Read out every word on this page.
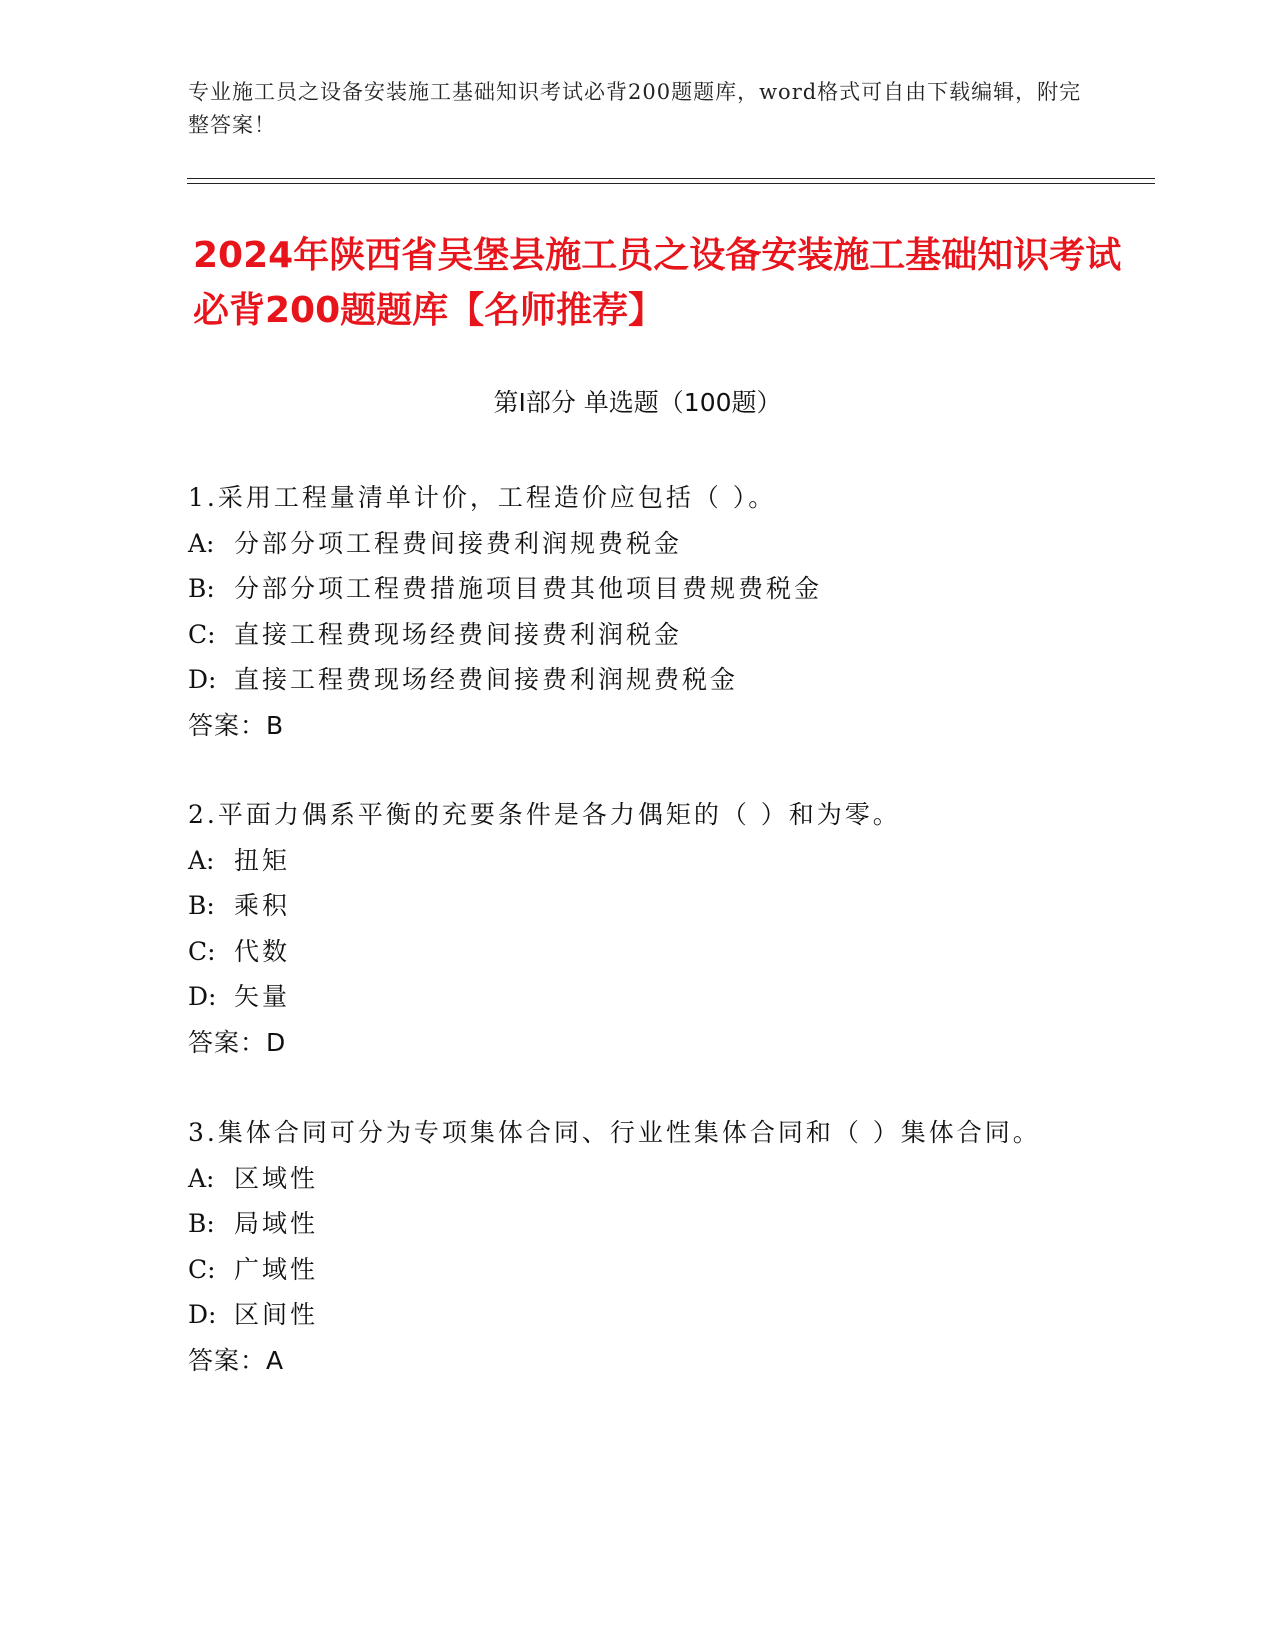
专业施工员之设备安装施工基础知识考试必背200题题库，word格式可自由下载编辑，附完整答案！
2024年陕西省吴堡县施工员之设备安装施工基础知识考试必背200题题库【名师推荐】
第Ⅰ部分 单选题（100题）
1.采用工程量清单计价，工程造价应包括（ ）。
A: 分部分项工程费间接费利润规费税金
B: 分部分项工程费措施项目费其他项目费规费税金
C: 直接工程费现场经费间接费利润税金
D: 直接工程费现场经费间接费利润规费税金
答案：B
2.平面力偶系平衡的充要条件是各力偶矩的（ ）和为零。
A: 扭矩
B: 乘积
C: 代数
D: 矢量
答案：D
3.集体合同可分为专项集体合同、行业性集体合同和（ ）集体合同。
A: 区域性
B: 局域性
C: 广域性
D: 区间性
答案：A
